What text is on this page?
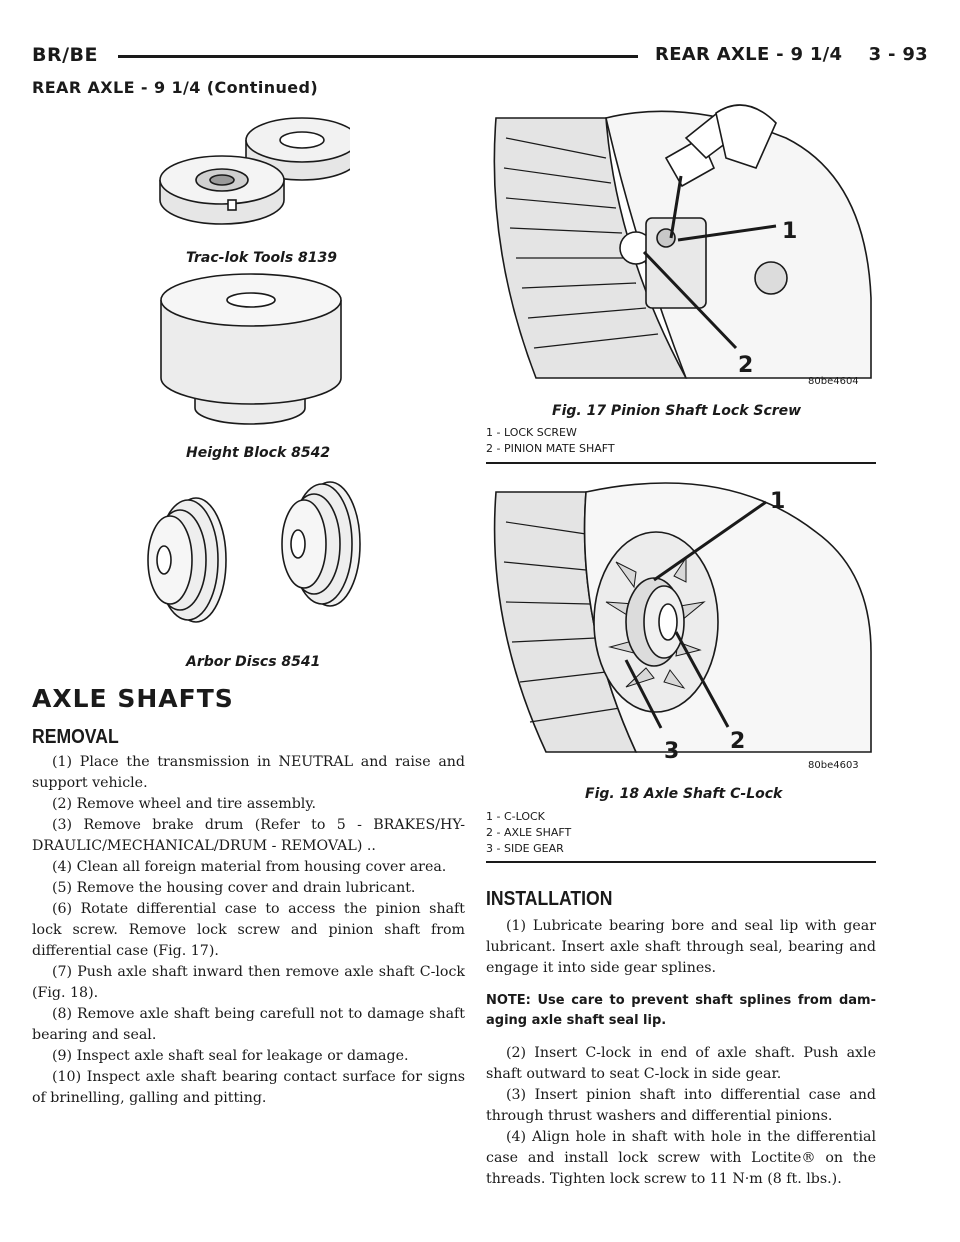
BR/BE	REAR AXLE - 9 1/4    3 - 93
REAR AXLE - 9 1/4 (Continued)
Trac-lok Tools 8139
Height Block 8542
Arbor Discs 8541
1
2
80be4604
Fig. 17 Pinion Shaft Lock Screw
1 - LOCK SCREW
2 - PINION MATE SHAFT
1
2
3
80be4603
Fig. 18 Axle Shaft C-Lock
1 - C-LOCK
2 - AXLE SHAFT
3 - SIDE GEAR
AXLE SHAFTS
REMOVAL

(1) Place the transmission in NEUTRAL and raise and support vehicle.

(2) Remove wheel and tire assembly.

(3) Remove brake drum (Refer to 5 - BRAKES/HY-DRAULIC/MECHANICAL/DRUM - REMOVAL) ..

(4) Clean all foreign material from housing cover area.

(5) Remove the housing cover and drain lubricant.

(6) Rotate differential case to access the pinion shaft lock screw. Remove lock screw and pinion shaft from differential case (Fig. 17).

(7) Push axle shaft inward then remove axle shaft C-lock (Fig. 18).

(8) Remove axle shaft being carefull not to damage shaft bearing and seal.

(9) Inspect axle shaft seal for leakage or damage.

(10) Inspect axle shaft bearing contact surface for signs of brinelling, galling and pitting.

INSTALLATION

(1) Lubricate bearing bore and seal lip with gear lubricant. Insert axle shaft through seal, bearing and engage it into side gear splines.

NOTE: Use care to prevent shaft splines from dam-aging axle shaft seal lip.

(2) Insert C-lock in end of axle shaft. Push axle shaft outward to seat C-lock in side gear.

(3) Insert pinion shaft into differential case and through thrust washers and differential pinions.

(4) Align hole in shaft with hole in the differential case and install lock screw with Loctite® on the threads. Tighten lock screw to 11 N·m (8 ft. lbs.).
